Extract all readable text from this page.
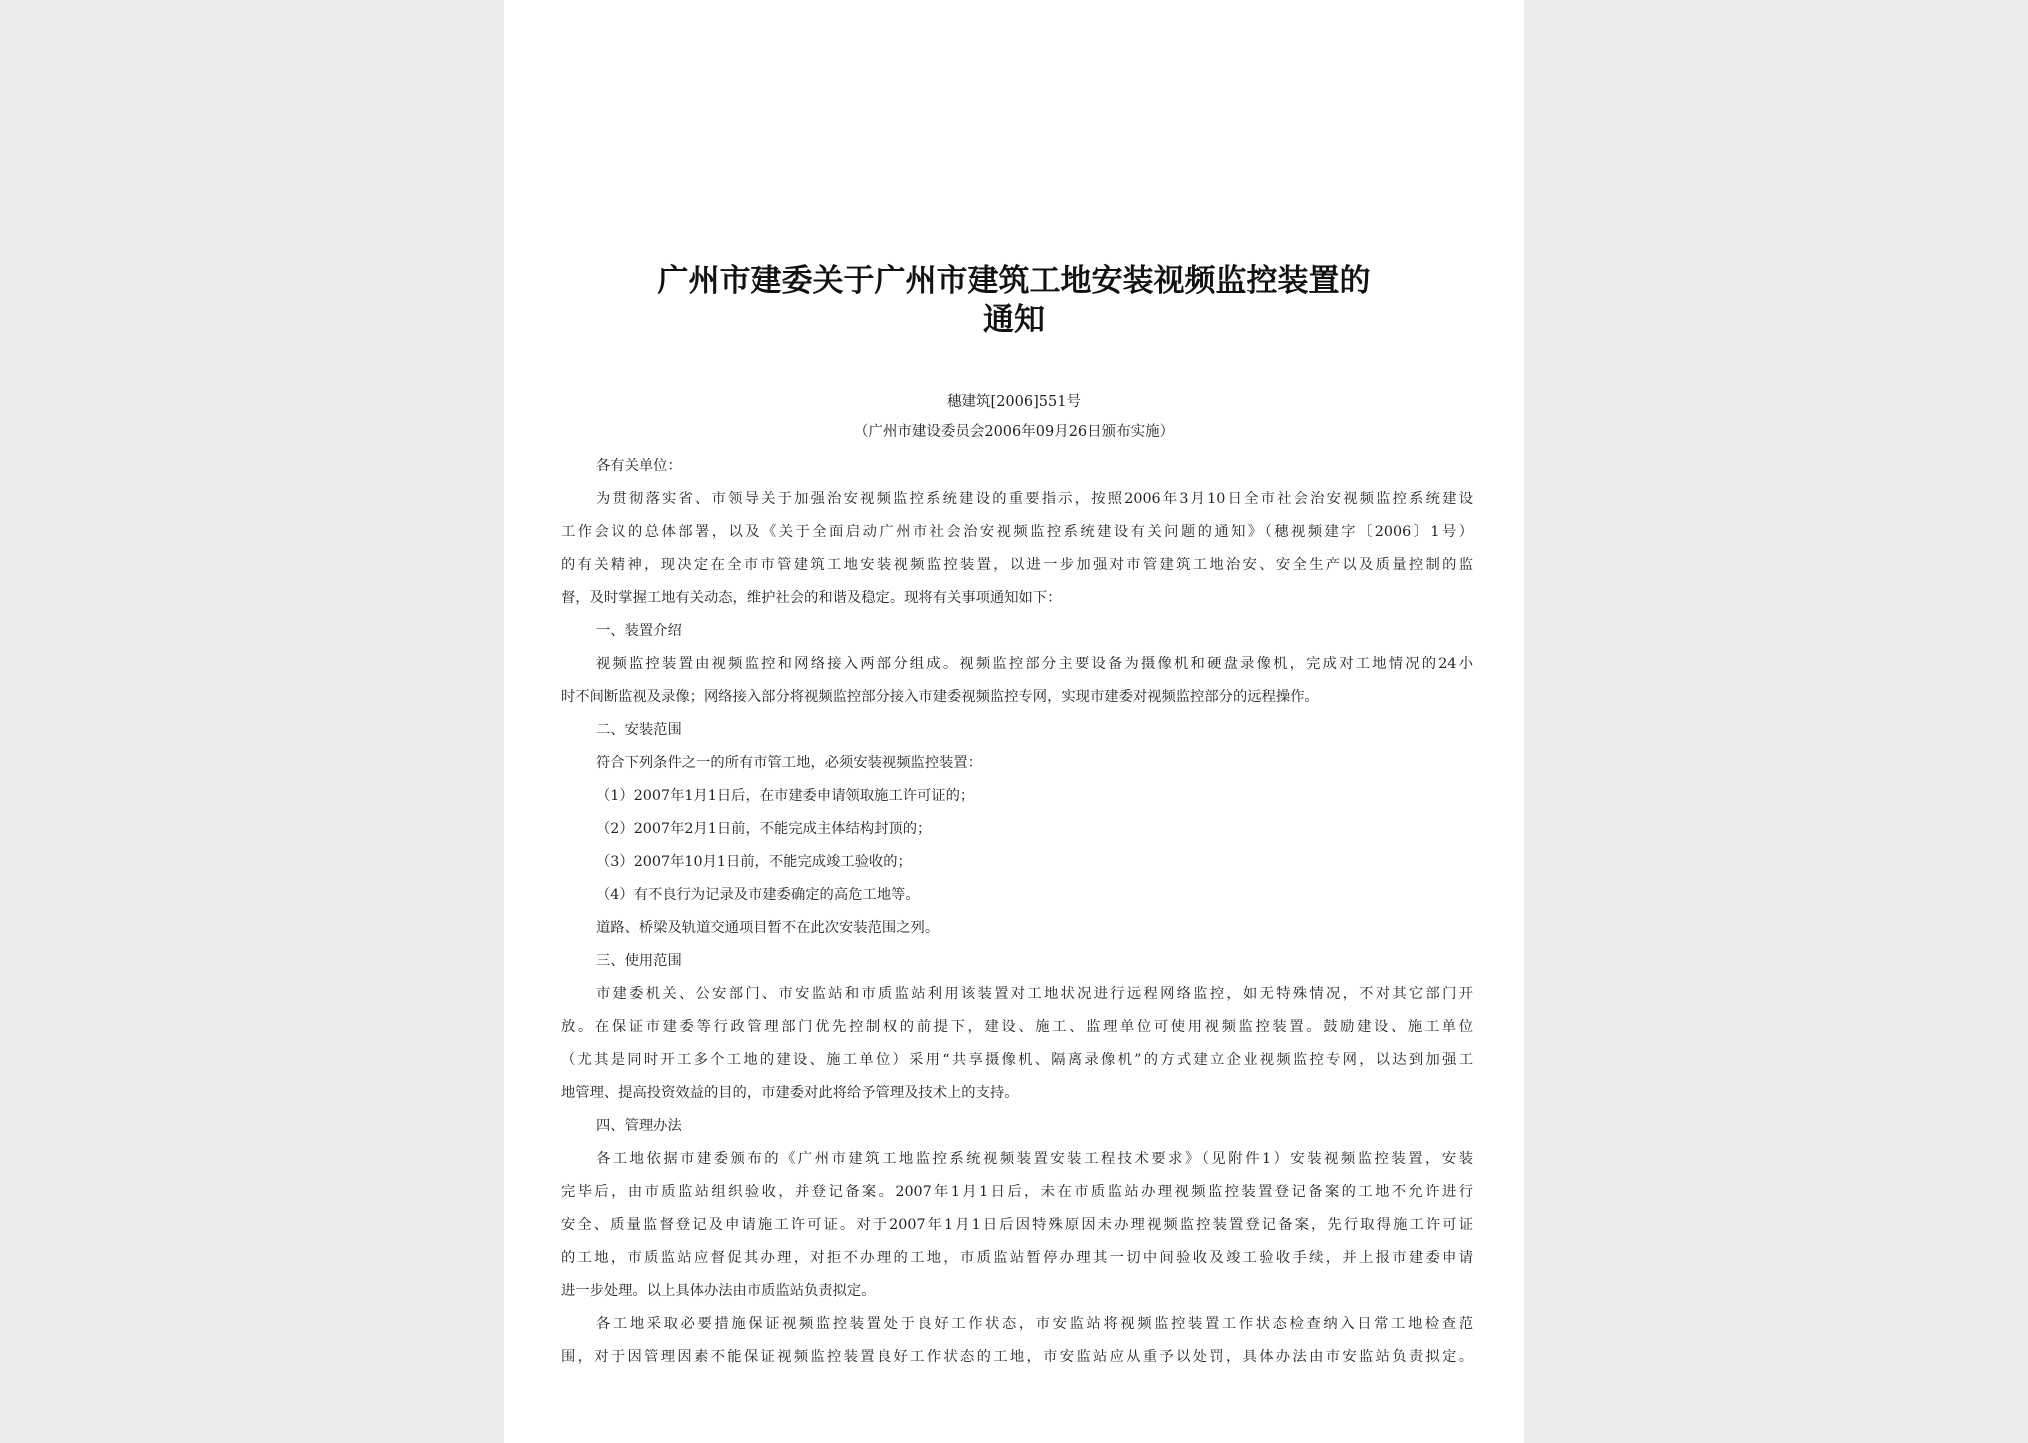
广州市建委关于广州市建筑工地安装视频监控装置的
通知
穗建筑[2006]551号
（广州市建设委员会2006年09月26日颁布实施）
各有关单位：
为贯彻落实省、市领导关于加强治安视频监控系统建设的重要指示，按照2006年3月10日全市社会治安视频监控系统建设
工作会议的总体部署，以及《关于全面启动广州市社会治安视频监控系统建设有关问题的通知》（穗视频建字〔2006〕1号）
的有关精神，现决定在全市市管建筑工地安装视频监控装置，以进一步加强对市管建筑工地治安、安全生产以及质量控制的监
督，及时掌握工地有关动态，维护社会的和谐及稳定。现将有关事项通知如下：
一、装置介绍
视频监控装置由视频监控和网络接入两部分组成。视频监控部分主要设备为摄像机和硬盘录像机，完成对工地情况的24小
时不间断监视及录像；网络接入部分将视频监控部分接入市建委视频监控专网，实现市建委对视频监控部分的远程操作。
二、安装范围
符合下列条件之一的所有市管工地，必须安装视频监控装置：
（1）2007年1月1日后，在市建委申请领取施工许可证的；
（2）2007年2月1日前，不能完成主体结构封顶的；
（3）2007年10月1日前，不能完成竣工验收的；
（4）有不良行为记录及市建委确定的高危工地等。
道路、桥梁及轨道交通项目暂不在此次安装范围之列。
三、使用范围
市建委机关、公安部门、市安监站和市质监站利用该装置对工地状况进行远程网络监控，如无特殊情况，不对其它部门开
放。在保证市建委等行政管理部门优先控制权的前提下，建设、施工、监理单位可使用视频监控装置。鼓励建设、施工单位
（尤其是同时开工多个工地的建设、施工单位）采用“共享摄像机、隔离录像机”的方式建立企业视频监控专网，以达到加强工
地管理、提高投资效益的目的，市建委对此将给予管理及技术上的支持。
四、管理办法
各工地依据市建委颁布的《广州市建筑工地监控系统视频装置安装工程技术要求》（见附件1）安装视频监控装置，安装
完毕后，由市质监站组织验收，并登记备案。2007年1月1日后，未在市质监站办理视频监控装置登记备案的工地不允许进行
安全、质量监督登记及申请施工许可证。对于2007年1月1日后因特殊原因未办理视频监控装置登记备案，先行取得施工许可证
的工地，市质监站应督促其办理，对拒不办理的工地，市质监站暂停办理其一切中间验收及竣工验收手续，并上报市建委申请
进一步处理。以上具体办法由市质监站负责拟定。
各工地采取必要措施保证视频监控装置处于良好工作状态，市安监站将视频监控装置工作状态检查纳入日常工地检查范
围，对于因管理因素不能保证视频监控装置良好工作状态的工地，市安监站应从重予以处罚，具体办法由市安监站负责拟定。
